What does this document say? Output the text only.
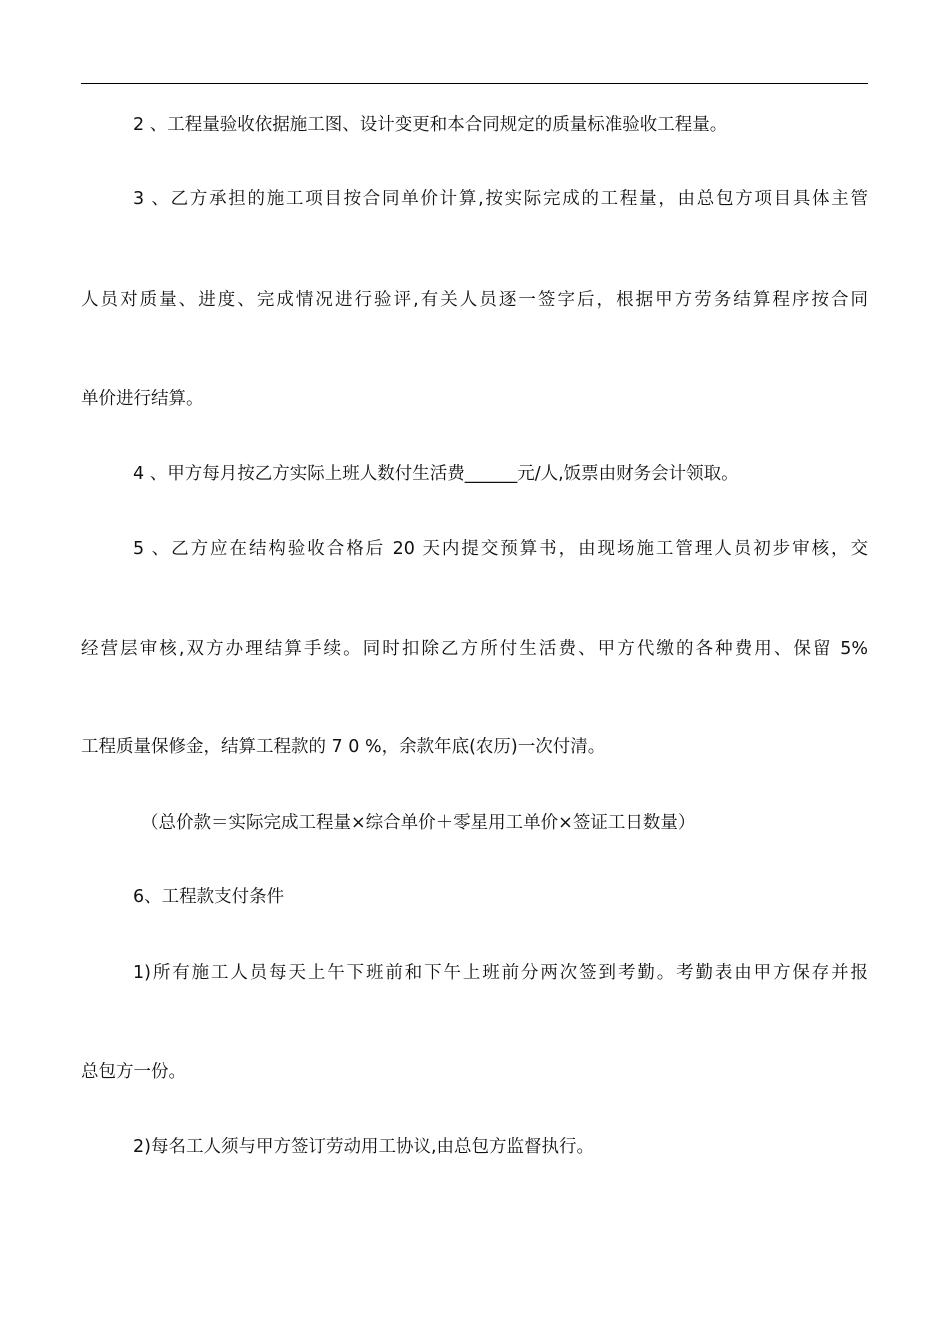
2 、工程量验收依据施工图、设计变更和本合同规定的质量标准验收工程量。
3 、乙方承担的施工项目按合同单价计算,按实际完成的工程量，由总包方项目具体主管
人员对质量、进度、完成情况进行验评,有关人员逐一签字后，根据甲方劳务结算程序按合同
单价进行结算。
4 、甲方每月按乙方实际上班人数付生活费______元/人,饭票由财务会计领取。
5 、乙方应在结构验收合格后 20 天内提交预算书，由现场施工管理人员初步审核，交
经营层审核,双方办理结算手续。同时扣除乙方所付生活费、甲方代缴的各种费用、保留 5%
工程质量保修金，结算工程款的 7 0 %，余款年底(农历)一次付清。
（总价款＝实际完成工程量×综合单价＋零星用工单价×签证工日数量）
6、工程款支付条件
1)所有施工人员每天上午下班前和下午上班前分两次签到考勤。考勤表由甲方保存并报
总包方一份。
2)每名工人须与甲方签订劳动用工协议,由总包方监督执行。
